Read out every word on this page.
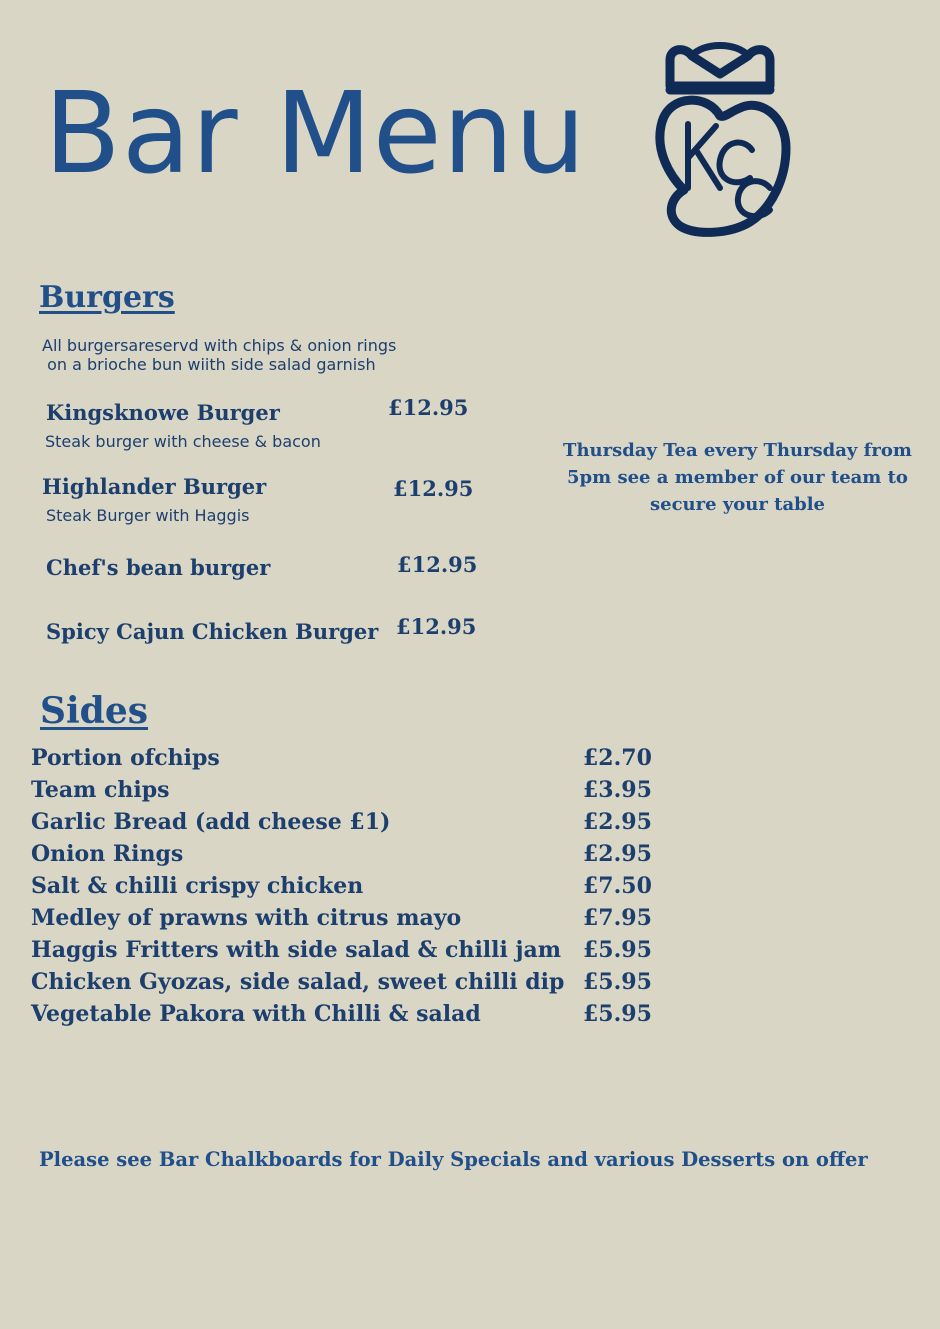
Bar Menu
Burgers
All burgersareservd with chips & onion rings
on a brioche bun wiith side salad garnish
Kingsknowe Burger
Steak burger with cheese & bacon
£12.95
Highlander Burger
Steak Burger with Haggis
£12.95
Chef's bean burger	£12.95
Spicy Cajun Chicken Burger £12.95
Thursday Tea every Thursday from 5pm see a member of our team to secure your table
Sides
Portion ofchips	£2.70
Team chips	£3.95
Garlic Bread (add cheese £1)	£2.95
Onion Rings	£2.95
Salt & chilli crispy chicken	£7.50
Medley of prawns with citrus mayo	£7.95
Haggis Fritters with side salad & chilli jam £5.95
Chicken Gyozas, side salad, sweet chilli dip £5.95
Vegetable Pakora with Chilli & salad	£5.95
Please see Bar Chalkboards for Daily Specials and various Desserts on offer
